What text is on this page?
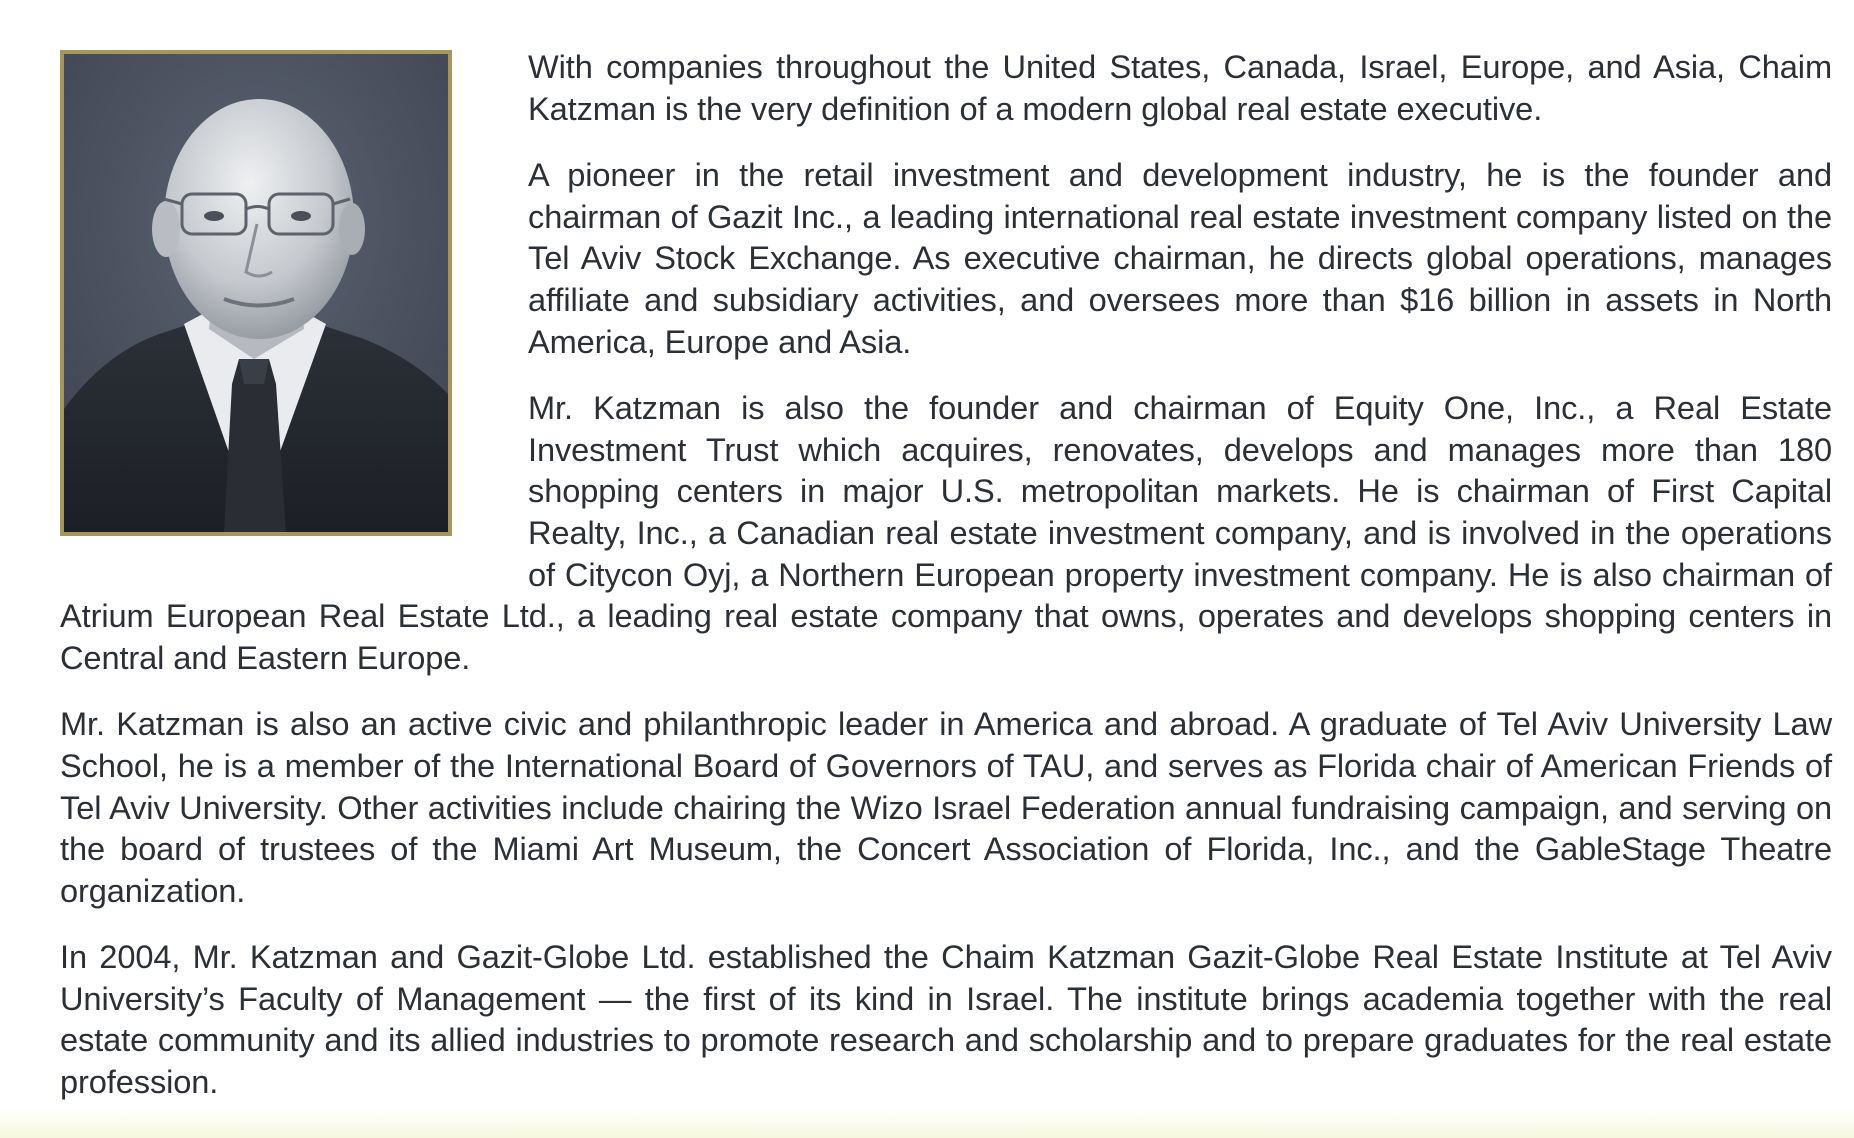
With companies throughout the United States, Canada, Israel, Europe, and Asia, Chaim Katzman is the very definition of a modern global real estate executive.

A pioneer in the retail investment and development industry, he is the founder and chairman of Gazit Inc., a leading international real estate investment company listed on the Tel Aviv Stock Exchange. As executive chairman, he directs global operations, manages affiliate and subsidiary activities, and oversees more than $16 billion in assets in North America, Europe and Asia.

Mr. Katzman is also the founder and chairman of Equity One, Inc., a Real Estate Investment Trust which acquires, renovates, develops and manages more than 180 shopping centers in major U.S. metropolitan markets. He is chairman of First Capital Realty, Inc., a Canadian real estate investment company, and is involved in the operations of Citycon Oyj, a Northern European property investment company. He is also chairman of Atrium European Real Estate Ltd., a leading real estate company that owns, operates and develops shopping centers in Central and Eastern Europe.

Mr. Katzman is also an active civic and philanthropic leader in America and abroad. A graduate of Tel Aviv University Law School, he is a member of the International Board of Governors of TAU, and serves as Florida chair of American Friends of Tel Aviv University. Other activities include chairing the Wizo Israel Federation annual fundraising campaign, and serving on the board of trustees of the Miami Art Museum, the Concert Association of Florida, Inc., and the GableStage Theatre organization.

In 2004, Mr. Katzman and Gazit-Globe Ltd. established the Chaim Katzman Gazit-Globe Real Estate Institute at Tel Aviv University’s Faculty of Management — the first of its kind in Israel. The institute brings academia together with the real estate community and its allied industries to promote research and scholarship and to prepare graduates for the real estate profession.
